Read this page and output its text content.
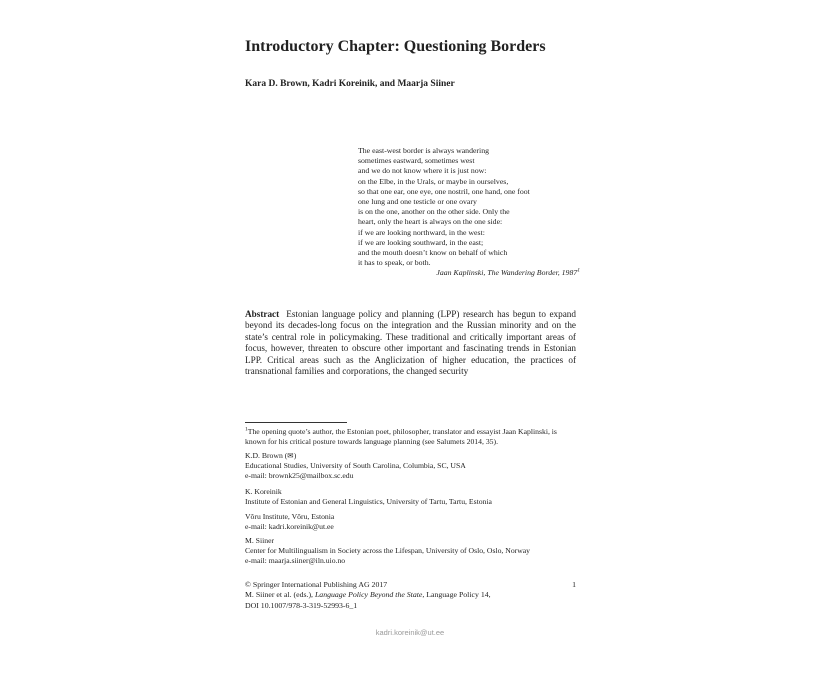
Introductory Chapter: Questioning Borders
Kara D. Brown, Kadri Koreinik, and Maarja Siiner
The east-west border is always wandering
sometimes eastward, sometimes west
and we do not know where it is just now:
on the Elbe, in the Urals, or maybe in ourselves,
so that one ear, one eye, one nostril, one hand, one foot
one lung and one testicle or one ovary
is on the one, another on the other side. Only the
heart, only the heart is always on the one side:
if we are looking northward, in the west:
if we are looking southward, in the east;
and the mouth doesn’t know on behalf of which
it has to speak, or both.
Jaan Kaplinski, The Wandering Border, 1987$^1$
Abstract Estonian language policy and planning (LPP) research has begun to expand beyond its decades-long focus on the integration and the Russian minority and on the state’s central role in policymaking. These traditional and critically important areas of focus, however, threaten to obscure other important and fascinating trends in Estonian LPP. Critical areas such as the Anglicization of higher education, the practices of transnational families and corporations, the changed security
$^1$The opening quote’s author, the Estonian poet, philosopher, translator and essayist Jaan Kaplinski, is known for his critical posture towards language planning (see Salumets 2014, 35).
K.D. Brown (✉)
Educational Studies, University of South Carolina, Columbia, SC, USA
e-mail: brownk25@mailbox.sc.edu
K. Koreinik
Institute of Estonian and General Linguistics, University of Tartu, Tartu, Estonia
Võru Institute, Võru, Estonia
e-mail: kadri.koreinik@ut.ee
M. Siiner
Center for Multilingualism in Society across the Lifespan, University of Oslo, Oslo, Norway
e-mail: maarja.siiner@iln.uio.no
© Springer International Publishing AG 2017	1
M. Siiner et al. (eds.), Language Policy Beyond the State, Language Policy 14,
DOI 10.1007/978-3-319-52993-6_1
kadri.koreinik@ut.ee
